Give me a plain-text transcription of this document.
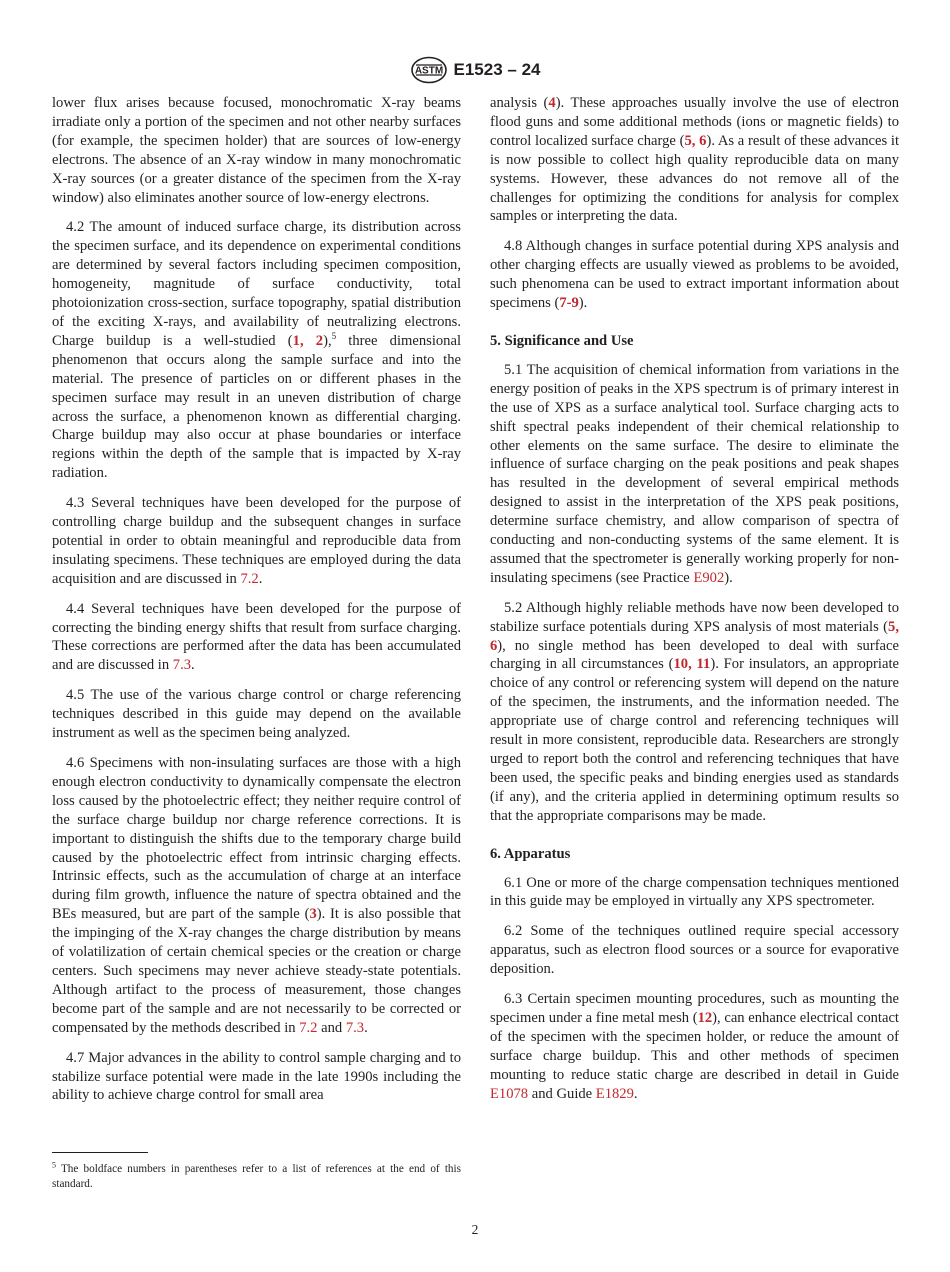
ASTM E1523 – 24

lower flux arises because focused, monochromatic X-ray beams irradiate only a portion of the specimen and not other nearby surfaces (for example, the specimen holder) that are sources of low-energy electrons. The absence of an X-ray window in many monochromatic X-ray sources (or a greater distance of the specimen from the X-ray window) also eliminates another source of low-energy electrons.

4.2 The amount of induced surface charge, its distribution across the specimen surface, and its dependence on experimental conditions are determined by several factors including specimen composition, homogeneity, magnitude of surface conductivity, total photoionization cross-section, surface topography, spatial distribution of the exciting X-rays, and availability of neutralizing electrons. Charge buildup is a well-studied (1, 2),$^5$ three dimensional phenomenon that occurs along the sample surface and into the material. The presence of particles on or different phases in the specimen surface may result in an uneven distribution of charge across the surface, a phenomenon known as differential charging. Charge buildup may also occur at phase boundaries or interface regions within the depth of the sample that is impacted by X-ray radiation.

4.3 Several techniques have been developed for the purpose of controlling charge buildup and the subsequent changes in surface potential in order to obtain meaningful and reproducible data from insulating specimens. These techniques are employed during the data acquisition and are discussed in 7.2.

4.4 Several techniques have been developed for the purpose of correcting the binding energy shifts that result from surface charging. These corrections are performed after the data has been accumulated and are discussed in 7.3.

4.5 The use of the various charge control or charge referencing techniques described in this guide may depend on the available instrument as well as the specimen being analyzed.

4.6 Specimens with non-insulating surfaces are those with a high enough electron conductivity to dynamically compensate the electron loss caused by the photoelectric effect; they neither require control of the surface charge buildup nor charge reference corrections. It is important to distinguish the shifts due to the temporary charge build caused by the photoelectric effect from intrinsic charging effects. Intrinsic effects, such as the accumulation of charge at an interface during film growth, influence the nature of spectra obtained and the BEs measured, but are part of the sample (3). It is also possible that the impinging of the X-ray changes the charge distribution by means of volatilization of certain chemical species or the creation or charge centers. Such specimens may never achieve steady-state potentials. Although artifact to the process of measurement, those changes become part of the sample and are not necessarily to be corrected or compensated by the methods described in 7.2 and 7.3.

4.7 Major advances in the ability to control sample charging and to stabilize surface potential were made in the late 1990s including the ability to achieve charge control for small area

analysis (4). These approaches usually involve the use of electron flood guns and some additional methods (ions or magnetic fields) to control localized surface charge (5, 6). As a result of these advances it is now possible to collect high quality reproducible data on many systems. However, these advances do not remove all of the challenges for optimizing the conditions for analysis for complex samples or interpreting the data.

4.8 Although changes in surface potential during XPS analysis and other charging effects are usually viewed as problems to be avoided, such phenomena can be used to extract important information about specimens (7-9).

5. Significance and Use

5.1 The acquisition of chemical information from variations in the energy position of peaks in the XPS spectrum is of primary interest in the use of XPS as a surface analytical tool. Surface charging acts to shift spectral peaks independent of their chemical relationship to other elements on the same surface. The desire to eliminate the influence of surface charging on the peak positions and peak shapes has resulted in the development of several empirical methods designed to assist in the interpretation of the XPS peak positions, determine surface chemistry, and allow comparison of spectra of conducting and non-conducting systems of the same element. It is assumed that the spectrometer is generally working properly for non-insulating specimens (see Practice E902).

5.2 Although highly reliable methods have now been developed to stabilize surface potentials during XPS analysis of most materials (5, 6), no single method has been developed to deal with surface charging in all circumstances (10, 11). For insulators, an appropriate choice of any control or referencing system will depend on the nature of the specimen, the instruments, and the information needed. The appropriate use of charge control and referencing techniques will result in more consistent, reproducible data. Researchers are strongly urged to report both the control and referencing techniques that have been used, the specific peaks and binding energies used as standards (if any), and the criteria applied in determining optimum results so that the appropriate comparisons may be made.

6. Apparatus

6.1 One or more of the charge compensation techniques mentioned in this guide may be employed in virtually any XPS spectrometer.

6.2 Some of the techniques outlined require special accessory apparatus, such as electron flood sources or a source for evaporative deposition.

6.3 Certain specimen mounting procedures, such as mounting the specimen under a fine metal mesh (12), can enhance electrical contact of the specimen with the specimen holder, or reduce the amount of surface charge buildup. This and other methods of specimen mounting to reduce static charge are described in detail in Guide E1078 and Guide E1829.

$^5$ The boldface numbers in parentheses refer to a list of references at the end of this standard.
2
